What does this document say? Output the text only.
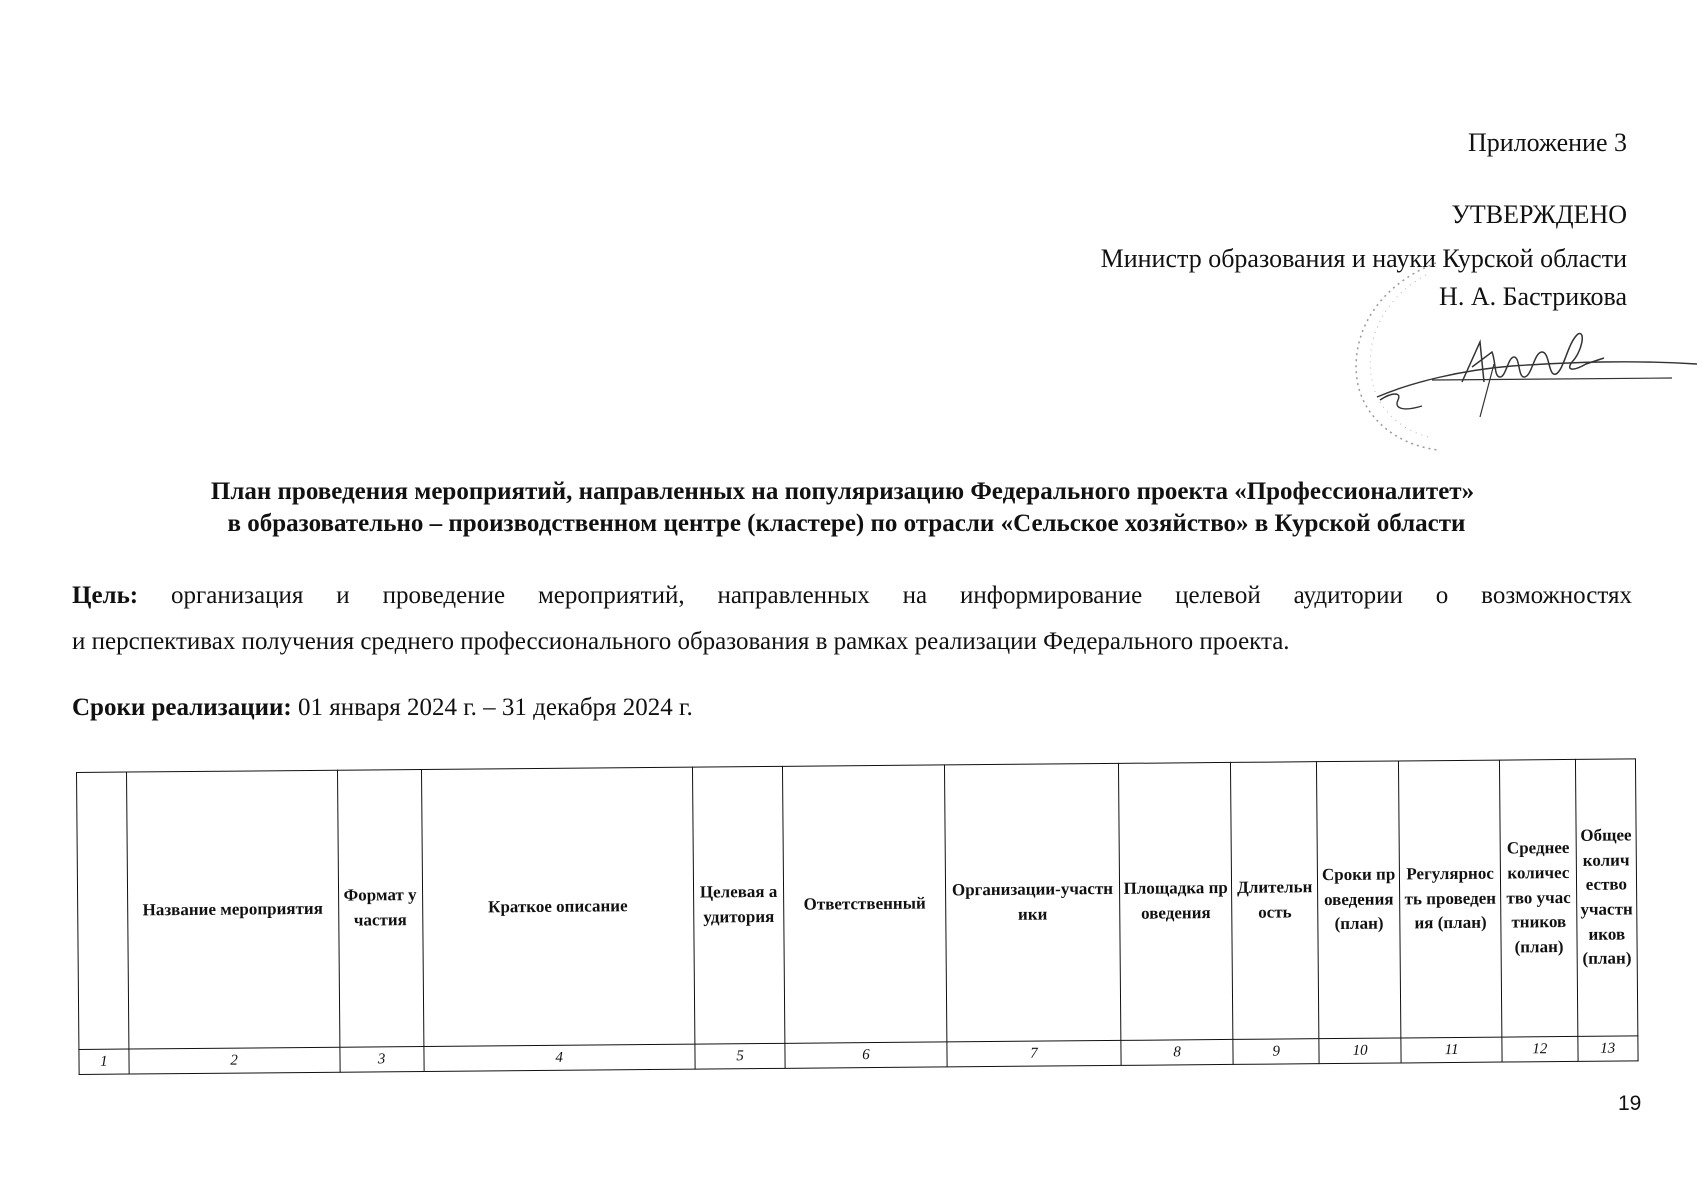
Приложение 3
УТВЕРЖДЕНО
Министр образования и науки Курской области
Н. А. Бастрикова
План проведения мероприятий, направленных на популяризацию Федерального проекта «Профессионалитет»
в образовательно – производственном центре (кластере) по отрасли «Сельское хозяйство» в Курской области
Цель: организация и проведение мероприятий, направленных на информирование целевой аудитории о возможностях
и перспективах получения среднего профессионального образования в рамках реализации Федерального проекта.
Сроки реализации: 01 января 2024 г. – 31 декабря 2024 г.
	Название мероприятия	Формат участия	Краткое описание	Целевая аудитория	Ответственный	Организации-участники	Площадка проведения	Длительность	Сроки проведения (план)	Регулярность проведения (план)	Среднее количество участников (план)	Общее количество участников (план)
1	2	3	4	5	6	7	8	9	10	11	12	13
19
